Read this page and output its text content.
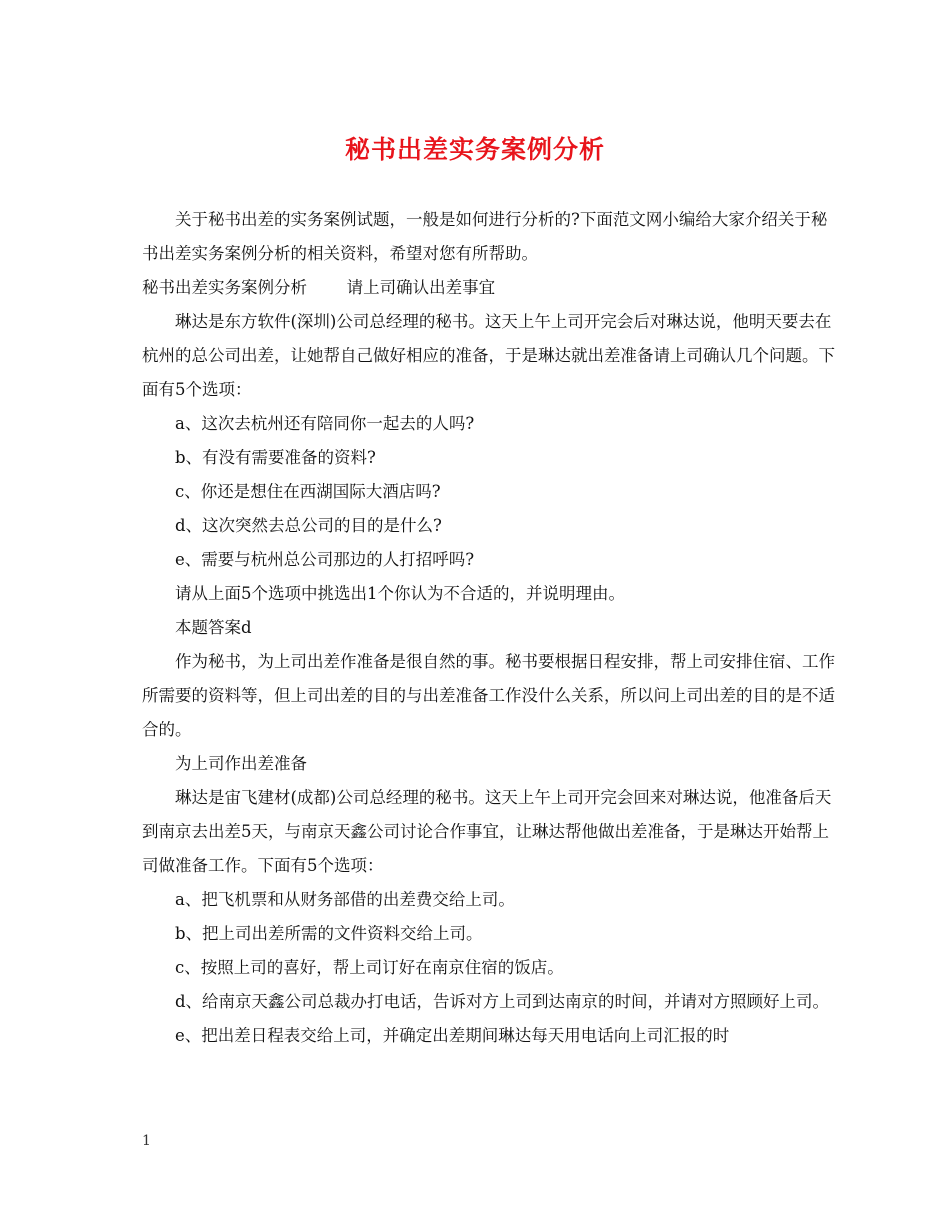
秘书出差实务案例分析

关于秘书出差的实务案例试题，一般是如何进行分析的?下面范文网小编给大家介绍关于秘书出差实务案例分析的相关资料，希望对您有所帮助。

秘书出差实务案例分析 请上司确认出差事宜

琳达是东方软件(深圳)公司总经理的秘书。这天上午上司开完会后对琳达说，他明天要去在杭州的总公司出差，让她帮自己做好相应的准备，于是琳达就出差准备请上司确认几个问题。下面有5个选项：

a、这次去杭州还有陪同你一起去的人吗?

b、有没有需要准备的资料?

c、你还是想住在西湖国际大酒店吗?

d、这次突然去总公司的目的是什么?

e、需要与杭州总公司那边的人打招呼吗?

请从上面5个选项中挑选出1个你认为不合适的，并说明理由。

本题答案d

作为秘书，为上司出差作准备是很自然的事。秘书要根据日程安排，帮上司安排住宿、工作所需要的资料等，但上司出差的目的与出差准备工作没什么关系，所以问上司出差的目的是不适合的。

为上司作出差准备

琳达是宙飞建材(成都)公司总经理的秘书。这天上午上司开完会回来对琳达说，他准备后天到南京去出差5天，与南京天鑫公司讨论合作事宜，让琳达帮他做出差准备，于是琳达开始帮上司做准备工作。下面有5个选项：

a、把飞机票和从财务部借的出差费交给上司。

b、把上司出差所需的文件资料交给上司。

c、按照上司的喜好，帮上司订好在南京住宿的饭店。

d、给南京天鑫公司总裁办打电话，告诉对方上司到达南京的时间，并请对方照顾好上司。

e、把出差日程表交给上司，并确定出差期间琳达每天用电话向上司汇报的时

1
